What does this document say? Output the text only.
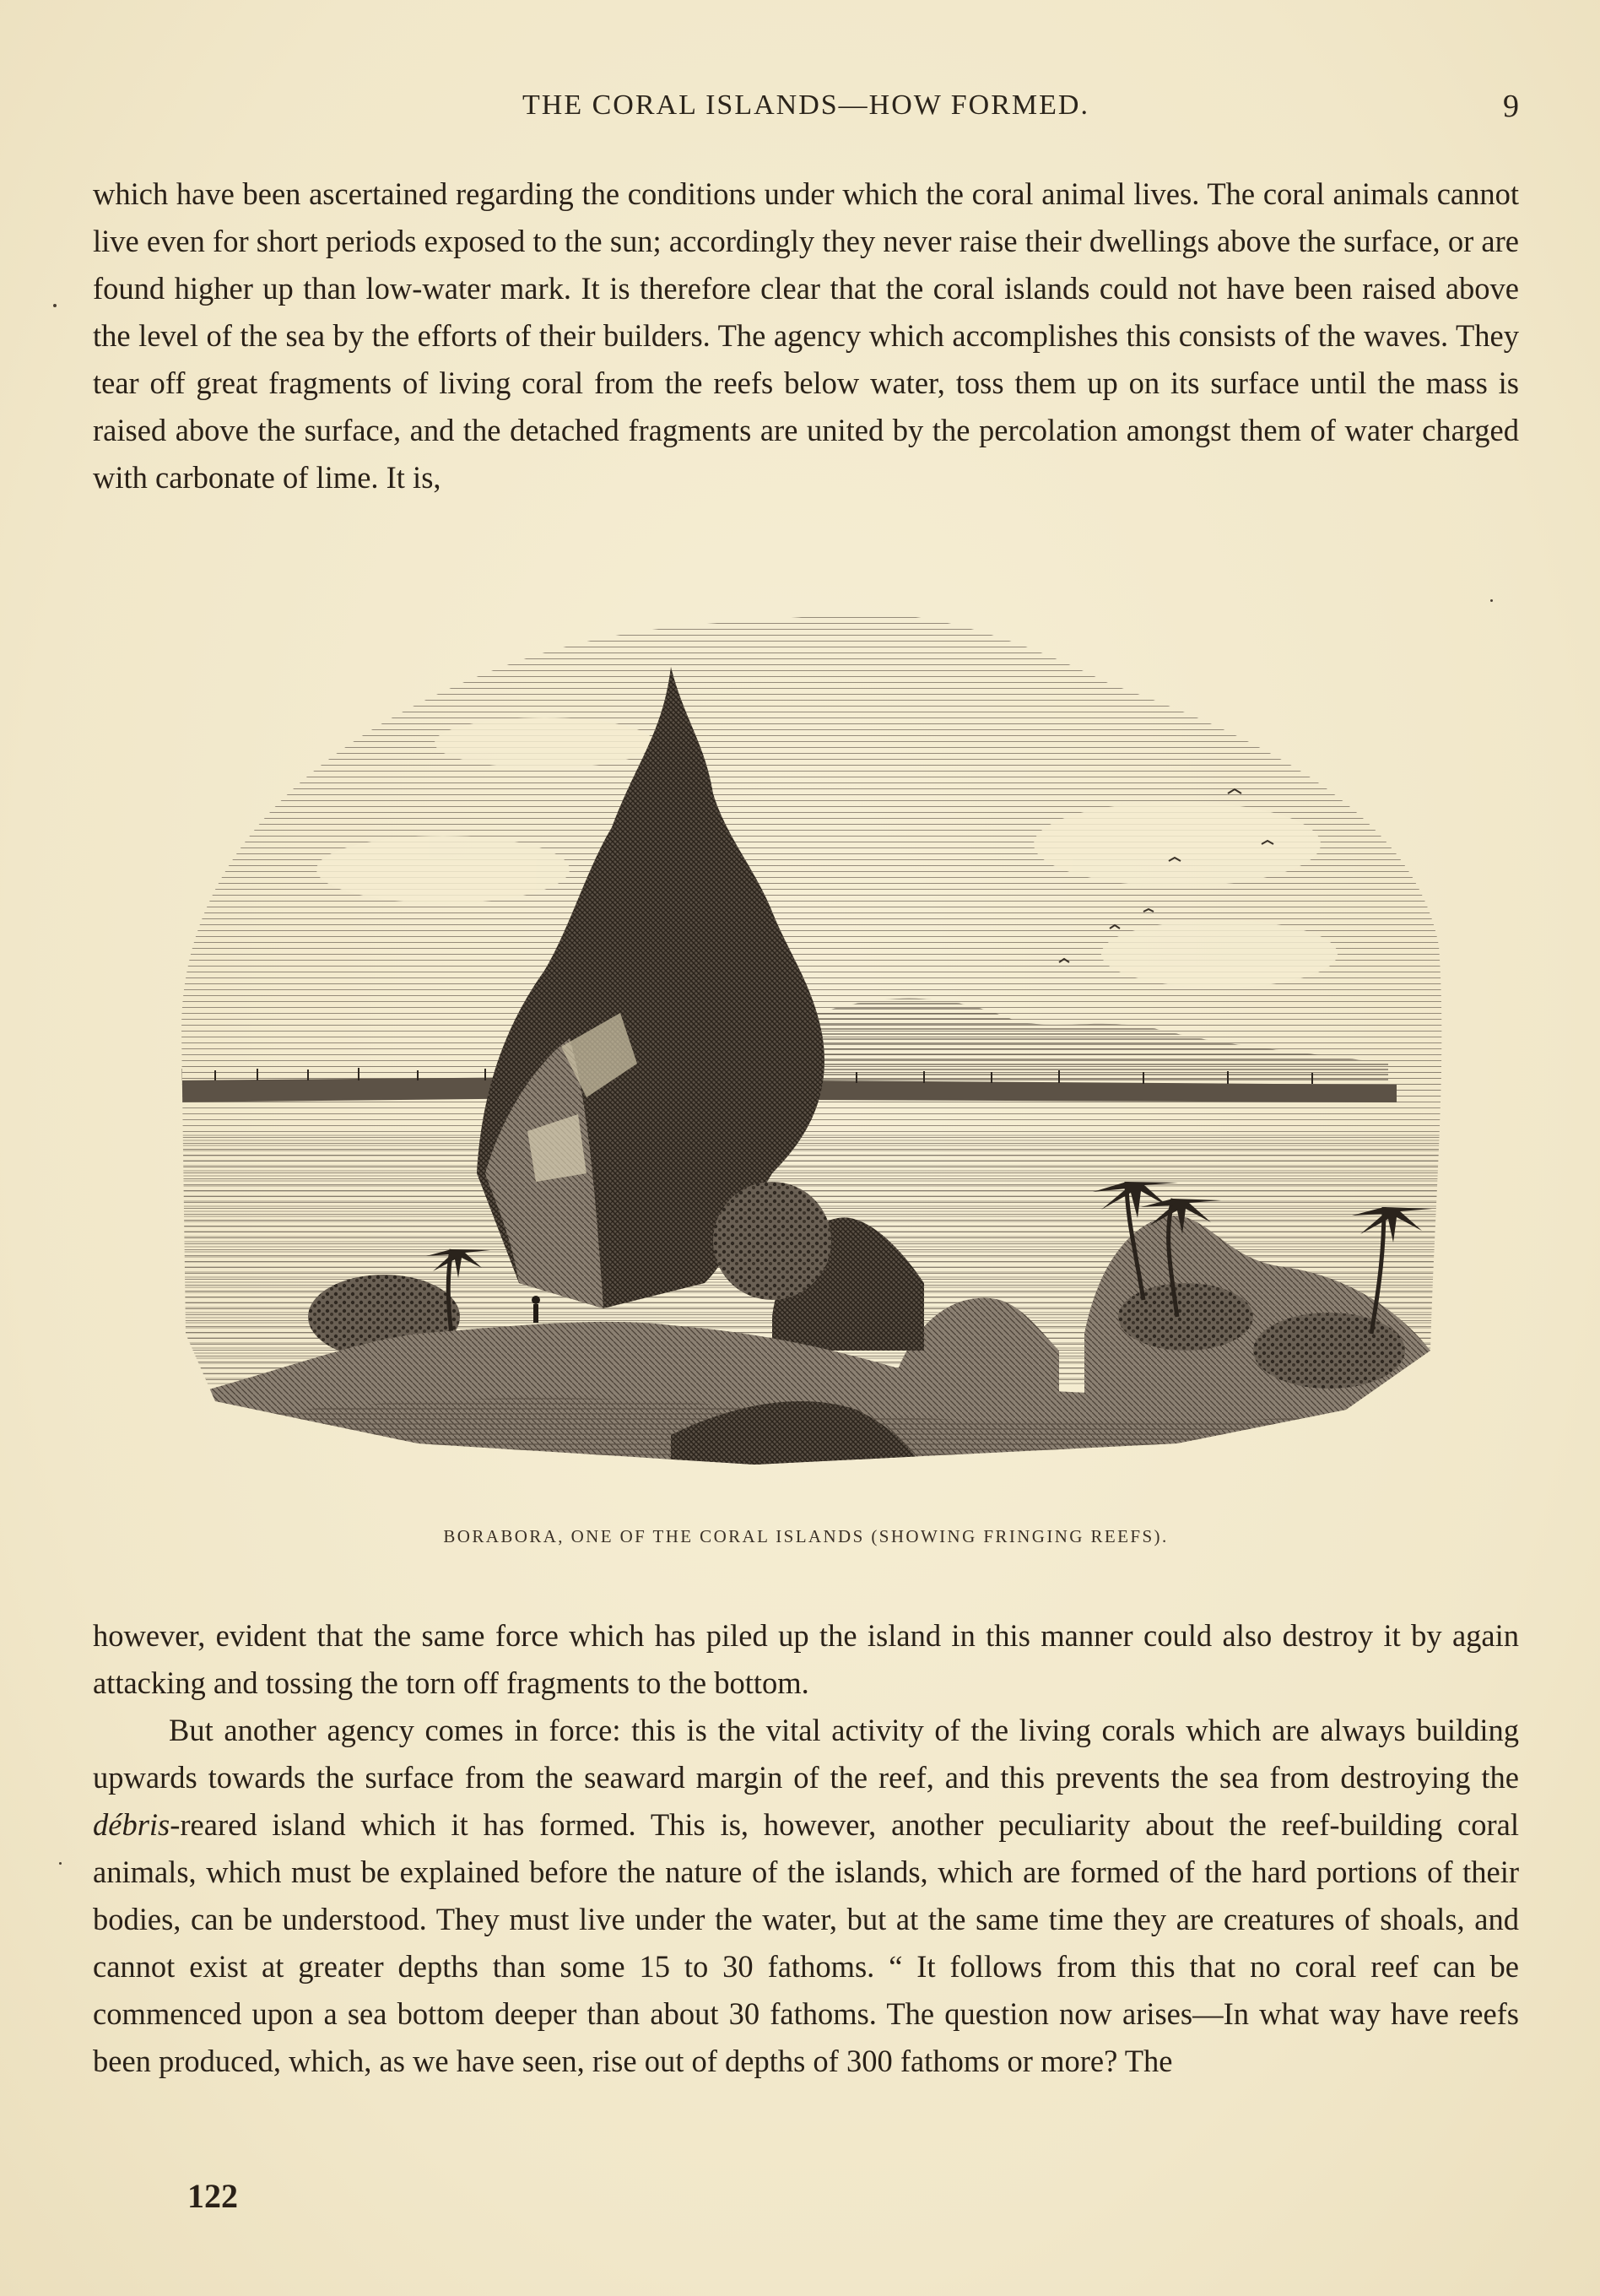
THE CORAL ISLANDS—HOW FORMED.	9

which have been ascertained regarding the conditions under which the coral animal lives. The coral animals cannot live even for short periods exposed to the sun; accordingly they never raise their dwellings above the surface, or are found higher up than low-water mark. It is therefore clear that the coral islands could not have been raised above the level of the sea by the efforts of their builders. The agency which accomplishes this consists of the waves. They tear off great fragments of living coral from the reefs below water, toss them up on its surface until the mass is raised above the surface, and the detached fragments are united by the percolation amongst them of water charged with carbonate of lime. It is,

BORABORA, ONE OF THE CORAL ISLANDS (SHOWING FRINGING REEFS).

however, evident that the same force which has piled up the island in this manner could also destroy it by again attacking and tossing the torn off fragments to the bottom.

But another agency comes in force: this is the vital activity of the living corals which are always building upwards towards the surface from the seaward margin of the reef, and this prevents the sea from destroying the débris-reared island which it has formed. This is, however, another peculiarity about the reef-building coral animals, which must be explained before the nature of the islands, which are formed of the hard portions of their bodies, can be understood. They must live under the water, but at the same time they are creatures of shoals, and cannot exist at greater depths than some 15 to 30 fathoms. “ It follows from this that no coral reef can be commenced upon a sea bottom deeper than about 30 fathoms. The question now arises—In what way have reefs been produced, which, as we have seen, rise out of depths of 300 fathoms or more? The

122
